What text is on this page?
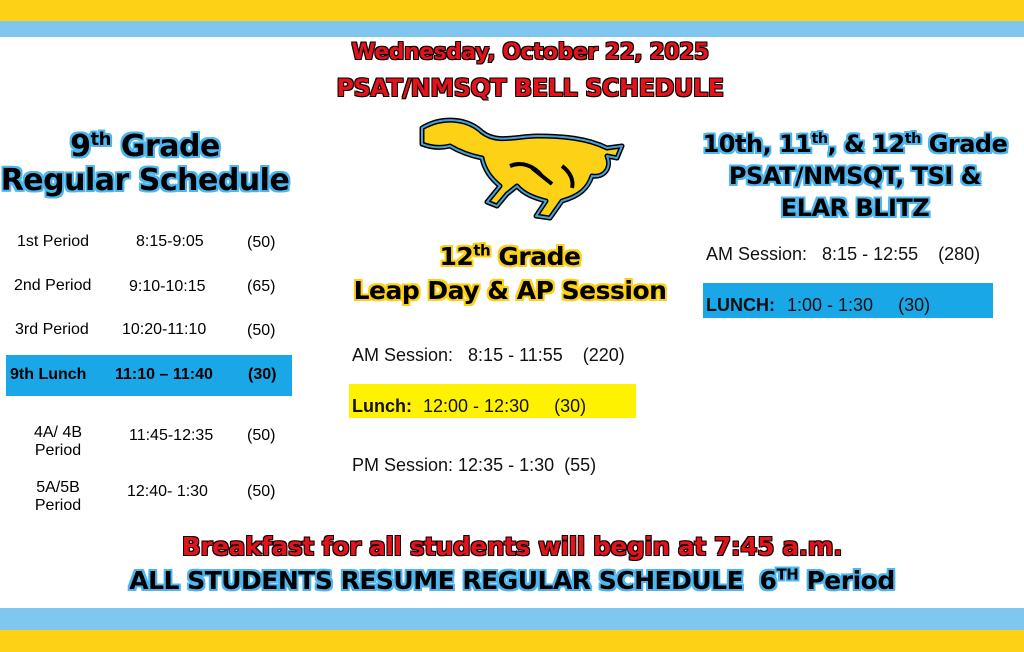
Wednesday, October 22, 2025
PSAT/NMSQT BELL SCHEDULE
9th Grade
Regular Schedule
1st Period	8:15-9:05	(50)
2nd Period 9:10-10:15	(65)
3rd Period 10:20-11:10	(50)
9th Lunch 11:10 – 11:40 (30)
4A/ 4B
Period
11:45-12:35 (50)
5A/5B
Period
12:40- 1:30 (50)
12th Grade
Leap Day & AP Session
AM Session:   8:15 - 11:55    (220)
Lunch: 12:00 - 12:30     (30)
PM Session: 12:35 - 1:30  (55)
10th, 11th, & 12th Grade
PSAT/NMSQT, TSI &
ELAR BLITZ
AM Session:   8:15 - 12:55    (280)
LUNCH: 1:00 - 1:30     (30)
Breakfast for all students will begin at 7:45 a.m.
ALL STUDENTS RESUME REGULAR SCHEDULE  6TH Period
